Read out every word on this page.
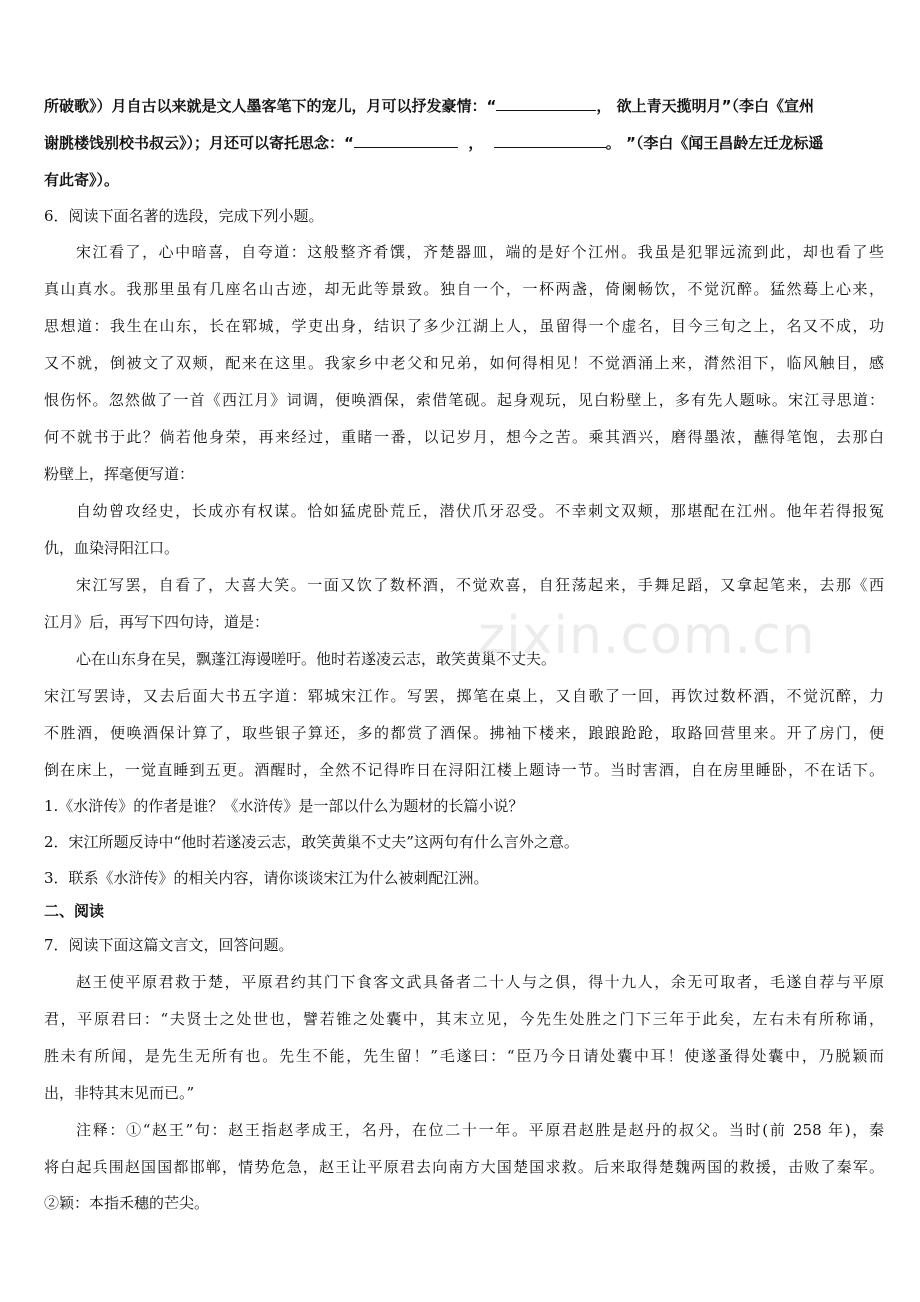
所破歌》）月自古以来就是文人墨客笔下的宠儿，月可以抒发豪情：“	， 欲上青天揽明月”（李白《宣州
谢朓楼饯别校书叔云》）；月还可以寄托思念：“	，	。 ”（李白《闻王昌龄左迁龙标遥
有此寄》）。
6．阅读下面名著的选段，完成下列小题。
宋江看了，心中暗喜，自夸道：这般整齐肴馔，齐楚器皿，端的是好个江州。我虽是犯罪远流到此，却也看了些
真山真水。我那里虽有几座名山古迹，却无此等景致。独自一个，一杯两盏，倚阑畅饮，不觉沉醉。猛然蓦上心来，
思想道：我生在山东，长在郓城，学吏出身，结识了多少江湖上人，虽留得一个虚名，目今三旬之上，名又不成，功
又不就，倒被文了双颊，配来在这里。我家乡中老父和兄弟，如何得相见！不觉酒涌上来，潸然泪下，临风触目，感
恨伤怀。忽然做了一首《西江月》词调，便唤酒保，索借笔砚。起身观玩，见白粉壁上，多有先人题咏。宋江寻思道：
何不就书于此？倘若他身荣，再来经过，重睹一番，以记岁月，想今之苦。乘其酒兴，磨得墨浓，蘸得笔饱，去那白
粉壁上，挥毫便写道：
自幼曾攻经史，长成亦有权谋。恰如猛虎卧荒丘，潜伏爪牙忍受。不幸刺文双颊，那堪配在江州。他年若得报冤
仇，血染浔阳江口。
宋江写罢，自看了，大喜大笑。一面又饮了数杯酒，不觉欢喜，自狂荡起来，手舞足蹈，又拿起笔来，去那《西
江月》后，再写下四句诗，道是：
心在山东身在吴，飘蓬江海谩嗟吁。他时若遂凌云志，敢笑黄巢不丈夫。
宋江写罢诗，又去后面大书五字道：郓城宋江作。写罢，掷笔在桌上，又自歌了一回，再饮过数杯酒，不觉沉醉，力
不胜酒，便唤酒保计算了，取些银子算还，多的都赏了酒保。拂袖下楼来，踉踉跄跄，取路回营里来。开了房门，便
倒在床上，一觉直睡到五更。酒醒时，全然不记得昨日在浔阳江楼上题诗一节。当时害酒，自在房里睡卧，不在话下。
1.《水浒传》的作者是谁？《水浒传》是一部以什么为题材的长篇小说？
2．宋江所题反诗中“他时若遂凌云志，敢笑黄巢不丈夫”这两句有什么言外之意。
3．联系《水浒传》的相关内容，请你谈谈宋江为什么被刺配江洲。
二、阅读
7．阅读下面这篇文言文，回答问题。
赵王使平原君救于楚，平原君约其门下食客文武具备者二十人与之俱，得十九人，余无可取者，毛遂自荐与平原
君，平原君曰：“夫贤士之处世也，譬若锥之处囊中，其末立见，今先生处胜之门下三年于此矣，左右未有所称诵，
胜未有所闻，是先生无所有也。先生不能，先生留！”毛遂曰：“臣乃今日请处囊中耳！使遂蚤得处囊中，乃脱颖而
出，非特其末见而已。”
注释：①“赵王”句：赵王指赵孝成王，名丹，在位二十一年。平原君赵胜是赵丹的叔父。当时(前 258 年)，秦
将白起兵围赵国国都邯郸，情势危急，赵王让平原君去向南方大国楚国求救。后来取得楚魏两国的救援，击败了秦军。
②颖：本指禾穗的芒尖。
zixin.com.cn
